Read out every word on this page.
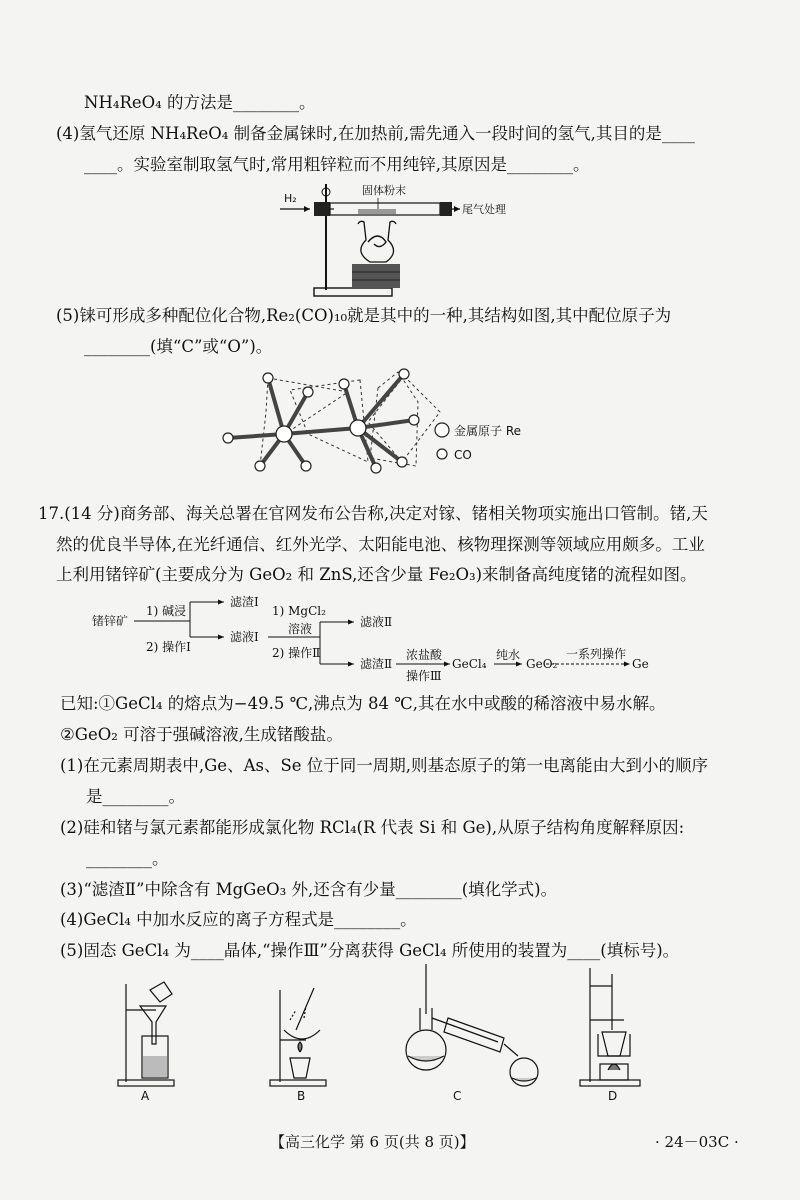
NH₄ReO₄ 的方法是________。
(4)氢气还原 NH₄ReO₄ 制备金属铼时,在加热前,需先通入一段时间的氢气,其目的是____
____。实验室制取氢气时,常用粗锌粒而不用纯锌,其原因是________。
H₂
固体粉末
尾气处理
(5)铼可形成多种配位化合物,Re₂(CO)₁₀就是其中的一种,其结构如图,其中配位原子为
________(填“C”或“O”)。
金属原子 Re
CO
17.(14 分)商务部、海关总署在官网发布公告称,决定对镓、锗相关物项实施出口管制。锗,天
然的优良半导体,在光纤通信、红外光学、太阳能电池、核物理探测等领域应用颇多。工业
上利用锗锌矿(主要成分为 GeO₂ 和 ZnS,还含少量 Fe₂O₃)来制备高纯度锗的流程如图。
锗锌矿
1) 碱浸
2) 操作Ⅰ
滤渣Ⅰ
滤液Ⅰ
1) MgCl₂
溶液
2) 操作Ⅱ
滤液Ⅱ
滤渣Ⅱ
浓盐酸
操作Ⅲ
GeCl₄
纯水
GeO₂
一系列操作
Ge
已知:①GeCl₄ 的熔点为−49.5 ℃,沸点为 84 ℃,其在水中或酸的稀溶液中易水解。
②GeO₂ 可溶于强碱溶液,生成锗酸盐。
(1)在元素周期表中,Ge、As、Se 位于同一周期,则基态原子的第一电离能由大到小的顺序
是________。
(2)硅和锗与氯元素都能形成氯化物 RCl₄(R 代表 Si 和 Ge),从原子结构角度解释原因:
________。
(3)“滤渣Ⅱ”中除含有 MgGeO₃ 外,还含有少量________(填化学式)。
(4)GeCl₄ 中加水反应的离子方程式是________。
(5)固态 GeCl₄ 为____晶体,“操作Ⅲ”分离获得 GeCl₄ 所使用的装置为____(填标号)。
A	B	C	D
【高三化学 第 6 页(共 8 页)】	· 24－03C ·
